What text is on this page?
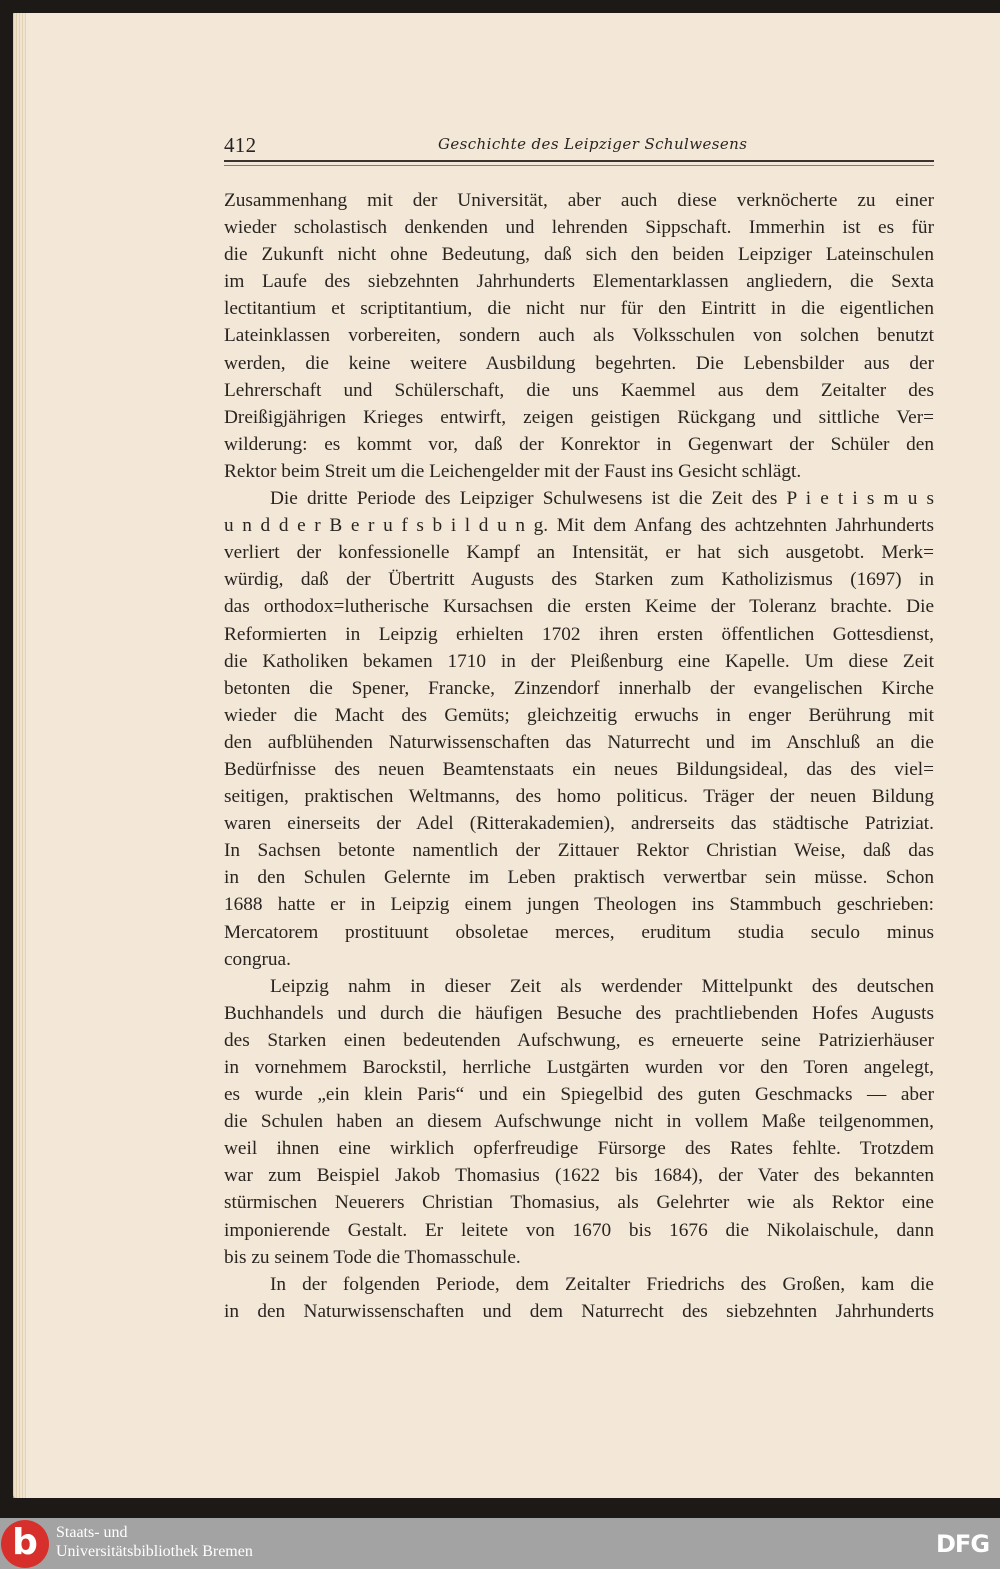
412	Geschichte des Leipziger Schulwesens
Zusammenhang mit der Universität, aber auch diese verknöcherte zu einer
wieder scholastisch denkenden und lehrenden Sippschaft. Immerhin ist es für
die Zukunft nicht ohne Bedeutung, daß sich den beiden Leipziger Lateinschulen
im Laufe des siebzehnten Jahrhunderts Elementarklassen angliedern, die Sexta
lectitantium et scriptitantium, die nicht nur für den Eintritt in die eigentlichen
Lateinklassen vorbereiten, sondern auch als Volksschulen von solchen benutzt
werden, die keine weitere Ausbildung begehrten. Die Lebensbilder aus der
Lehrerschaft und Schülerschaft, die uns Kaemmel aus dem Zeitalter des
Dreißigjährigen Krieges entwirft, zeigen geistigen Rückgang und sittliche Ver=
wilderung: es kommt vor, daß der Konrektor in Gegenwart der Schüler den
Rektor beim Streit um die Leichengelder mit der Faust ins Gesicht schlägt.
Die dritte Periode des Leipziger Schulwesens ist die Zeit des P i e t i s m u s
u n d d e r B e r u f s b i l d u n g. Mit dem Anfang des achtzehnten Jahrhunderts
verliert der konfessionelle Kampf an Intensität, er hat sich ausgetobt. Merk=
würdig, daß der Übertritt Augusts des Starken zum Katholizismus (1697) in
das orthodox=lutherische Kursachsen die ersten Keime der Toleranz brachte. Die
Reformierten in Leipzig erhielten 1702 ihren ersten öffentlichen Gottesdienst,
die Katholiken bekamen 1710 in der Pleißenburg eine Kapelle. Um diese Zeit
betonten die Spener, Francke, Zinzendorf innerhalb der evangelischen Kirche
wieder die Macht des Gemüts; gleichzeitig erwuchs in enger Berührung mit
den aufblühenden Naturwissenschaften das Naturrecht und im Anschluß an die
Bedürfnisse des neuen Beamtenstaats ein neues Bildungsideal, das des viel=
seitigen, praktischen Weltmanns, des homo politicus. Träger der neuen Bildung
waren einerseits der Adel (Ritterakademien), andrerseits das städtische Patriziat.
In Sachsen betonte namentlich der Zittauer Rektor Christian Weise, daß das
in den Schulen Gelernte im Leben praktisch verwertbar sein müsse. Schon
1688 hatte er in Leipzig einem jungen Theologen ins Stammbuch geschrieben:
Mercatorem prostituunt obsoletae merces, eruditum studia seculo minus
congrua.
Leipzig nahm in dieser Zeit als werdender Mittelpunkt des deutschen
Buchhandels und durch die häufigen Besuche des prachtliebenden Hofes Augusts
des Starken einen bedeutenden Aufschwung, es erneuerte seine Patrizierhäuser
in vornehmem Barockstil, herrliche Lustgärten wurden vor den Toren angelegt,
es wurde „ein klein Paris“ und ein Spiegelbid des guten Geschmacks — aber
die Schulen haben an diesem Aufschwunge nicht in vollem Maße teilgenommen,
weil ihnen eine wirklich opferfreudige Fürsorge des Rates fehlte. Trotzdem
war zum Beispiel Jakob Thomasius (1622 bis 1684), der Vater des bekannten
stürmischen Neuerers Christian Thomasius, als Gelehrter wie als Rektor eine
imponierende Gestalt. Er leitete von 1670 bis 1676 die Nikolaischule, dann
bis zu seinem Tode die Thomasschule.
In der folgenden Periode, dem Zeitalter Friedrichs des Großen, kam die
in den Naturwissenschaften und dem Naturrecht des siebzehnten Jahrhunderts
b	Staats- und
Universitätsbibliothek Bremen	DFG
